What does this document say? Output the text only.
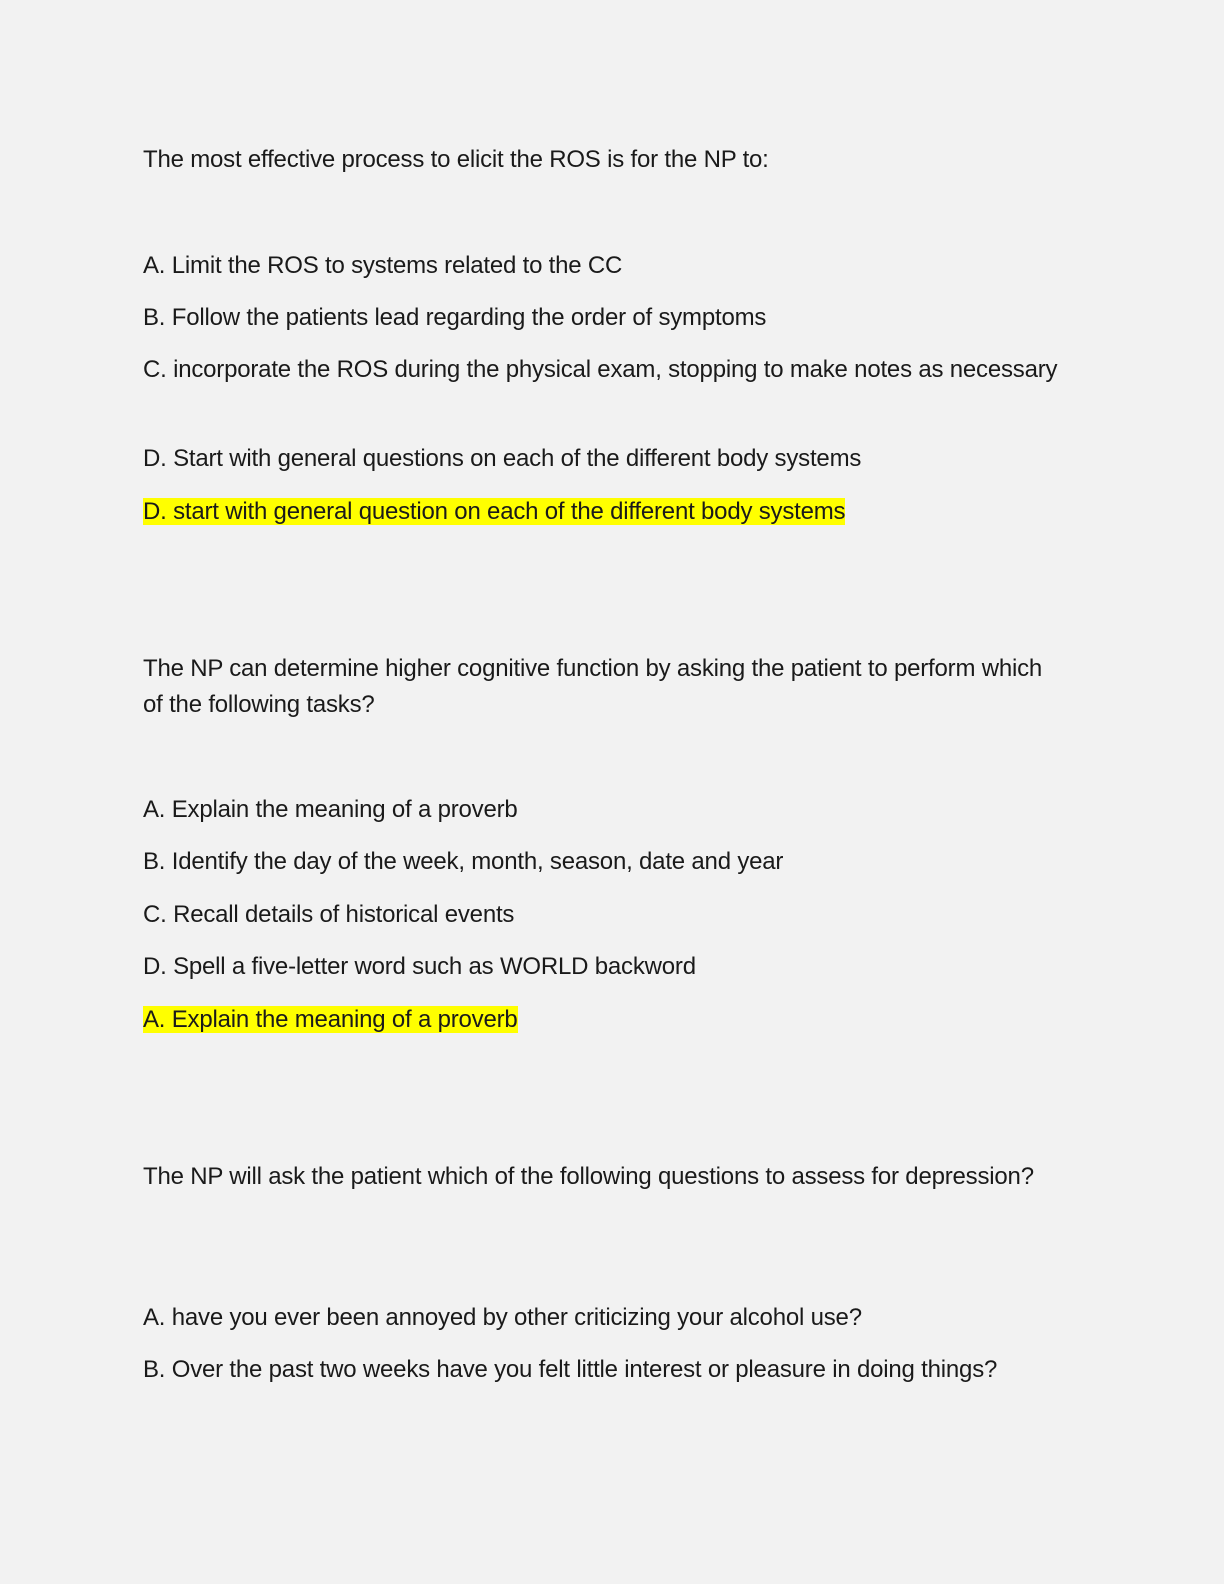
The most effective process to elicit the ROS is for the NP to:
A. Limit the ROS to systems related to the CC
B. Follow the patients lead regarding the order of symptoms
C. incorporate the ROS during the physical exam, stopping to make notes as necessary
D. Start with general questions on each of the different body systems
D. start with general question on each of the different body systems
The NP can determine higher cognitive function by asking the patient to perform which of the following tasks?
A. Explain the meaning of a proverb
B. Identify the day of the week, month, season, date and year
C. Recall details of historical events
D. Spell a five-letter word such as WORLD backword
A. Explain the meaning of a proverb
The NP will ask the patient which of the following questions to assess for depression?
A. have you ever been annoyed by other criticizing your alcohol use?
B. Over the past two weeks have you felt little interest or pleasure in doing things?
